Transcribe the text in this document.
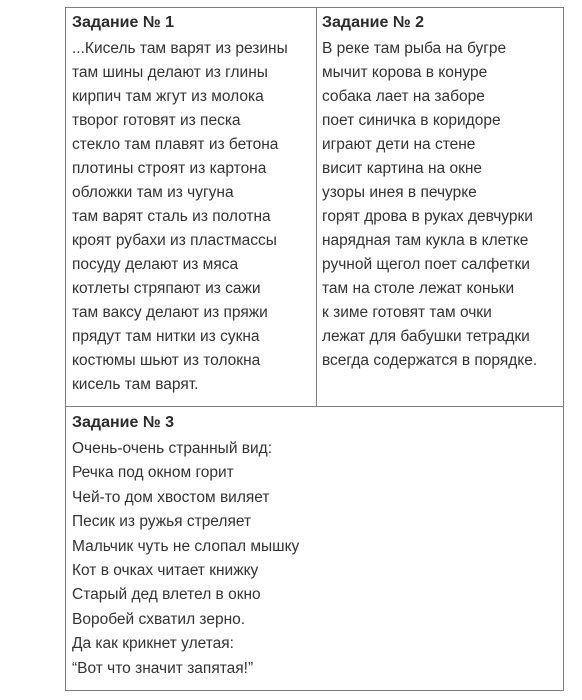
Задание № 1
...Кисель там варят из резины
там шины делают из глины
кирпич там жгут из молока
творог готовят из песка
стекло там плавят из бетона
плотины строят из картона
обложки там из чугуна
там варят сталь из полотна
кроят рубахи из пластмассы
посуду делают из мяса
котлеты стряпают из сажи
там ваксу делают из пряжи
прядут там нитки из сукна
костюмы шьют из толокна
кисель там варят.
Задание № 2
В реке там рыба на бугре
мычит корова в конуре
собака лает на заборе
поет синичка в коридоре
играют дети на стене
висит картина на окне
узоры инея в печурке
горят дрова в руках девчурки
нарядная там кукла в клетке
ручной щегол поет салфетки
там на столе лежат коньки
к зиме готовят там очки
лежат для бабушки тетрадки
всегда содержатся в порядке.
Задание № 3
Очень-очень странный вид:
Речка под окном горит
Чей-то дом хвостом виляет
Песик из ружья стреляет
Мальчик чуть не слопал мышку
Кот в очках читает книжку
Старый дед влетел в окно
Воробей схватил зерно.
Да как крикнет улетая:
“Вот что значит запятая!”
